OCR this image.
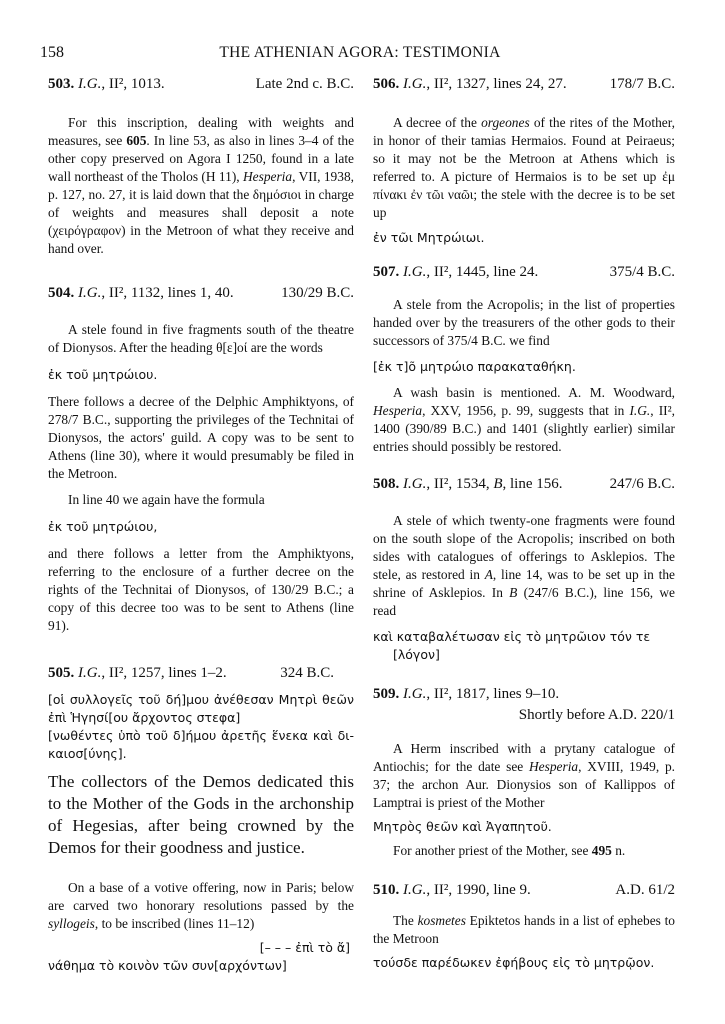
158	THE ATHENIAN AGORA: TESTIMONIA
503. I.G., II², 1013.	Late 2nd c. B.C.

For this inscription, dealing with weights and measures, see 605. In line 53, as also in lines 3–4 of the other copy preserved on Agora I 1250, found in a late wall northeast of the Tholos (H 11), Hesperia, VII, 1938, p. 127, no. 27, it is laid down that the δημόσιοι in charge of weights and measures shall deposit a note (χειρόγραφον) in the Metroon of what they receive and hand over.

504. I.G., II², 1132, lines 1, 40.	130/29 B.C.

A stele found in five fragments south of the theatre of Dionysos. After the heading θ[ε]οί are the words

ἐκ τοῦ μητρώιου.

There follows a decree of the Delphic Amphiktyons, of 278/7 B.C., supporting the privileges of the Technitai of Dionysos, the actors' guild. A copy was to be sent to Athens (line 30), where it would presumably be filed in the Metroon.

In line 40 we again have the formula

ἐκ τοῦ μητρώιου,

and there follows a letter from the Amphiktyons, referring to the enclosure of a further decree on the rights of the Technitai of Dionysos, of 130/29 B.C.; a copy of this decree too was to be sent to Athens (line 91).

505. I.G., II², 1257, lines 1–2.	324 B.C.

[οἱ συλλογεῖς τοῦ δή]μου ἀνέθεσαν Μητρὶ θεῶν ἐπὶ Ἡγησί[ου ἄρχοντος στεφα]

[νωθέντες ὑπὸ τοῦ δ]ήμου ἀρετῆς ἕνεκα καὶ δι-καιοσ[ύνης].

The collectors of the Demos dedicated this to the Mother of the Gods in the archonship of Hegesias, after being crowned by the Demos for their goodness and justice.

On a base of a votive offering, now in Paris; below are carved two honorary resolutions passed by the syllogeis, to be inscribed (lines 11–12)

[– – – ἐπὶ τὸ ἄ]

νάθημα τὸ κοινὸν τῶν συν[αρχόντων]

506. I.G., II², 1327, lines 24, 27.	178/7 B.C.

A decree of the orgeones of the rites of the Mother, in honor of their tamias Hermaios. Found at Peiraeus; so it may not be the Metroon at Athens which is referred to. A picture of Hermaios is to be set up ἐμ πίνακι ἐν τῶι ναῶι; the stele with the decree is to be set up

ἐν τῶι Μητρώιωι.

507. I.G., II², 1445, line 24.	375/4 B.C.

A stele from the Acropolis; in the list of properties handed over by the treasurers of the other gods to their successors of 375/4 B.C. we find

[ἐκ τ]õ μητρώιο παρακαταθήκη.

A wash basin is mentioned. A. M. Woodward, Hesperia, XXV, 1956, p. 99, suggests that in I.G., II², 1400 (390/89 B.C.) and 1401 (slightly earlier) similar entries should possibly be restored.

508. I.G., II², 1534, B, line 156.	247/6 B.C.

A stele of which twenty-one fragments were found on the south slope of the Acropolis; inscribed on both sides with catalogues of offerings to Asklepios. The stele, as restored in A, line 14, was to be set up in the shrine of Asklepios. In B (247/6 B.C.), line 156, we read

καὶ καταβαλέτωσαν εἰς τὸ μητρῶιον τόν τε

[λόγον]

509. I.G., II², 1817, lines 9–10.
Shortly before A.D. 220/1

A Herm inscribed with a prytany catalogue of Antiochis; for the date see Hesperia, XVIII, 1949, p. 37; the archon Aur. Dionysios son of Kallippos of Lamptrai is priest of the Mother

Μητρὸς θεῶν καὶ Ἀγαπητοῦ.

For another priest of the Mother, see 495 n.

510. I.G., II², 1990, line 9.	A.D. 61/2

The kosmetes Epiktetos hands in a list of ephebes to the Metroon

τούσδε παρέδωκεν ἐφήβους εἰς τὸ μητρῷον.
